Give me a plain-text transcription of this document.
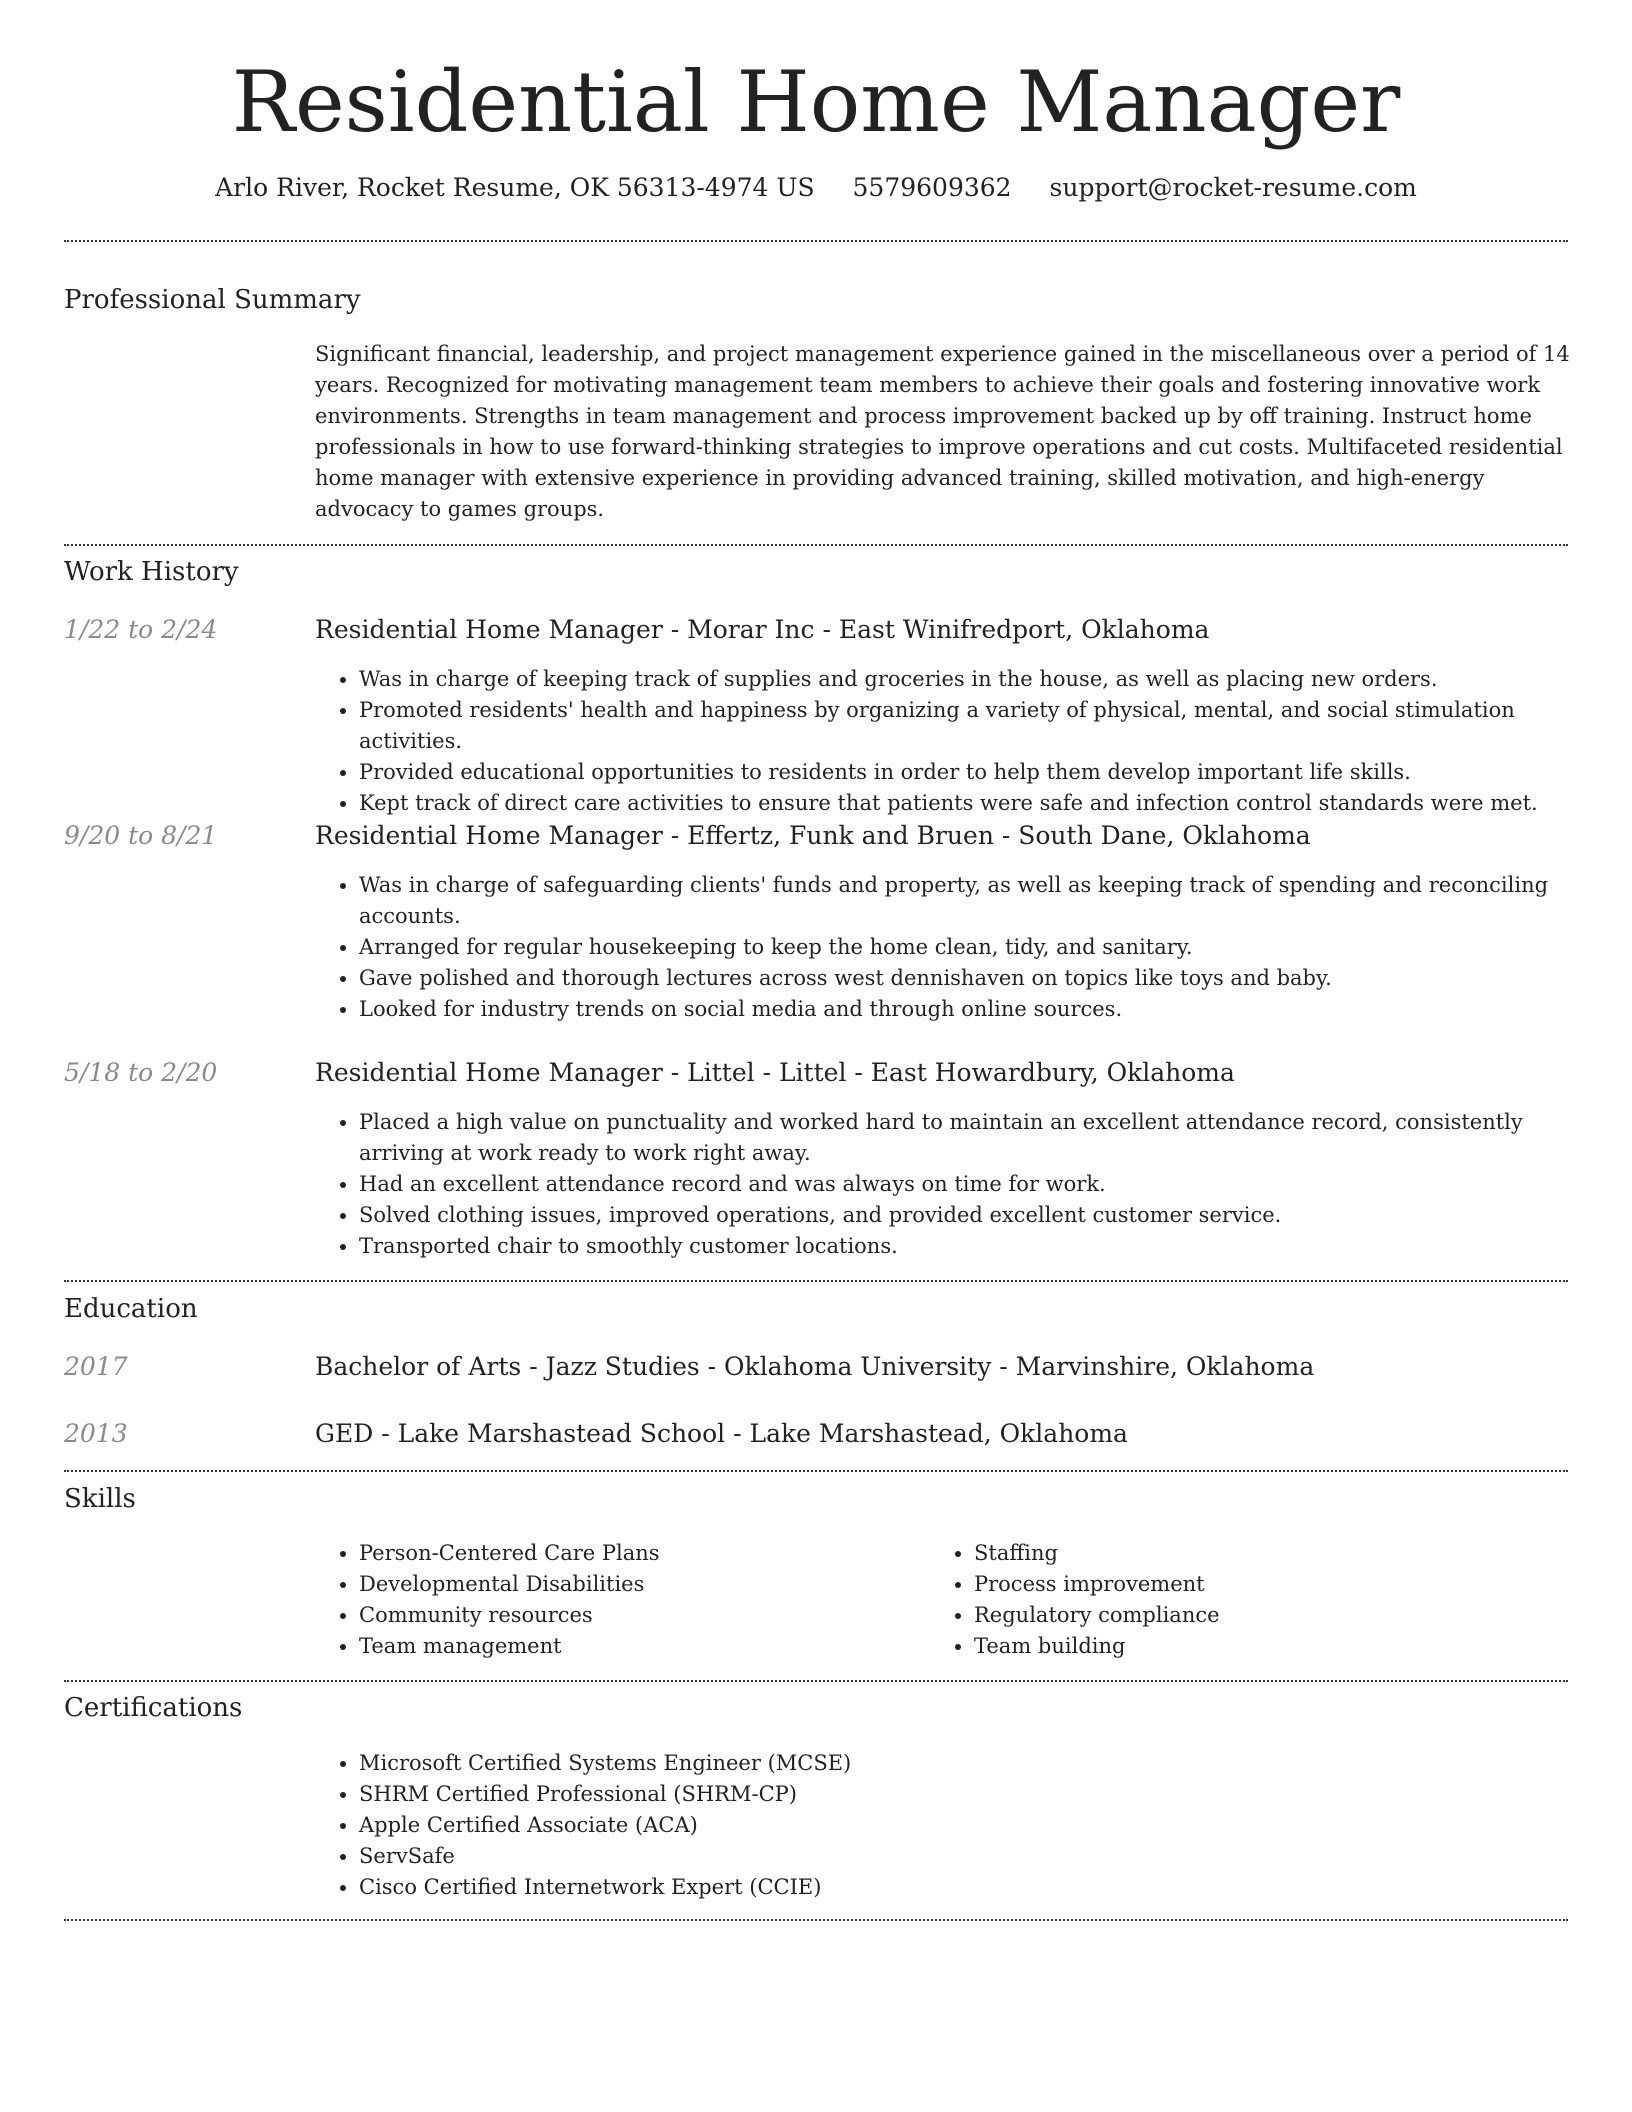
Residential Home Manager
Arlo River, Rocket Resume, OK 56313-4974 US 5579609362 support@rocket-resume.com
Professional Summary
Significant financial, leadership, and project management experience gained in the miscellaneous over a period of 14 years. Recognized for motivating management team members to achieve their goals and fostering innovative work environments. Strengths in team management and process improvement backed up by off training. Instruct home professionals in how to use forward-thinking strategies to improve operations and cut costs. Multifaceted residential home manager with extensive experience in providing advanced training, skilled motivation, and high-energy advocacy to games groups.
Work History
1/22 to 2/24	Residential Home Manager - Morar Inc - East Winifredport, Oklahoma
• Was in charge of keeping track of supplies and groceries in the house, as well as placing new orders.
• Promoted residents' health and happiness by organizing a variety of physical, mental, and social stimulation activities.
• Provided educational opportunities to residents in order to help them develop important life skills.
• Kept track of direct care activities to ensure that patients were safe and infection control standards were met.
9/20 to 8/21	Residential Home Manager - Effertz, Funk and Bruen - South Dane, Oklahoma
• Was in charge of safeguarding clients' funds and property, as well as keeping track of spending and reconciling accounts.
• Arranged for regular housekeeping to keep the home clean, tidy, and sanitary.
• Gave polished and thorough lectures across west dennishaven on topics like toys and baby.
• Looked for industry trends on social media and through online sources.
5/18 to 2/20	Residential Home Manager - Littel - Littel - East Howardbury, Oklahoma
• Placed a high value on punctuality and worked hard to maintain an excellent attendance record, consistently arriving at work ready to work right away.
• Had an excellent attendance record and was always on time for work.
• Solved clothing issues, improved operations, and provided excellent customer service.
• Transported chair to smoothly customer locations.
Education
2017	Bachelor of Arts - Jazz Studies - Oklahoma University - Marvinshire, Oklahoma
2013	GED - Lake Marshastead School - Lake Marshastead, Oklahoma
Skills
• Person-Centered Care Plans
• Developmental Disabilities
• Community resources
• Team management
• Staffing
• Process improvement
• Regulatory compliance
• Team building
Certifications
• Microsoft Certified Systems Engineer (MCSE)
• SHRM Certified Professional (SHRM-CP)
• Apple Certified Associate (ACA)
• ServSafe
• Cisco Certified Internetwork Expert (CCIE)
